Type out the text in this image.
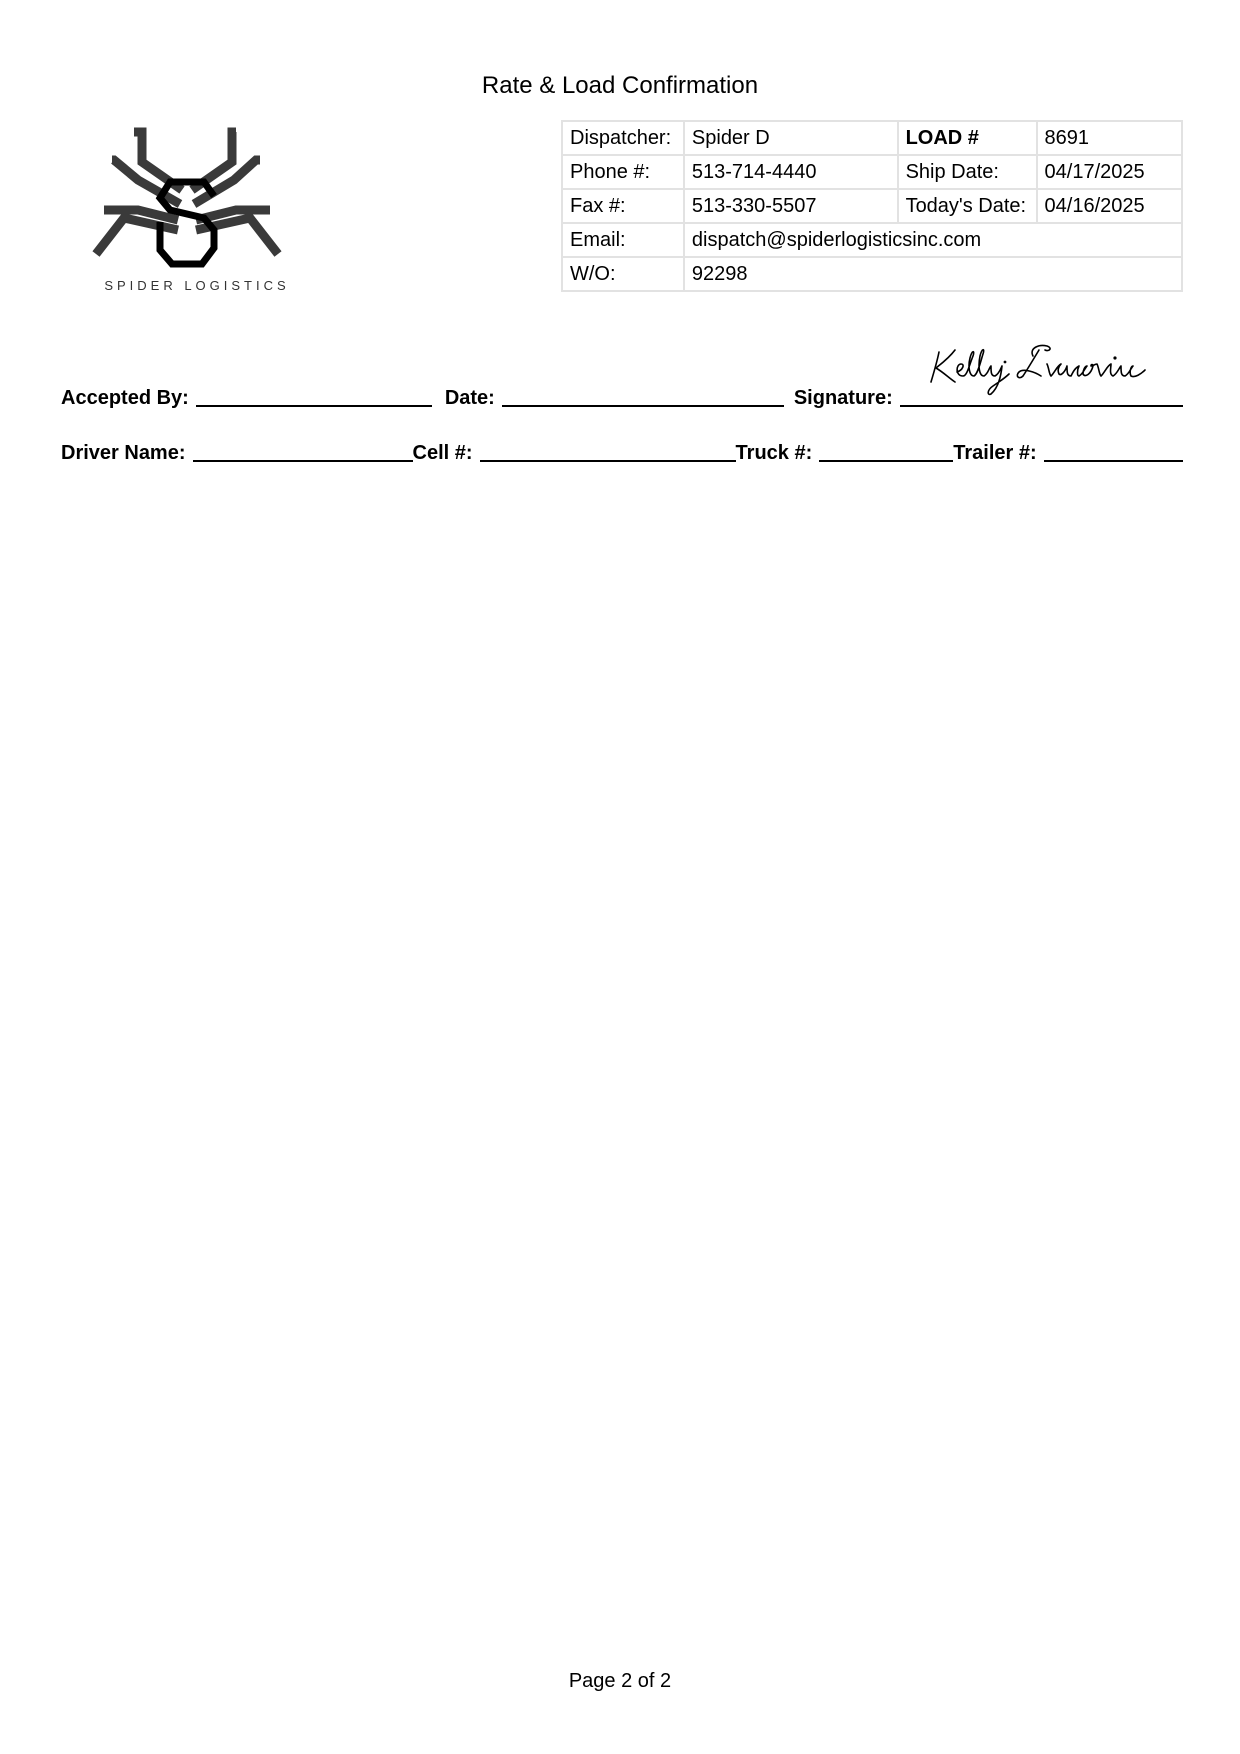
Rate & Load Confirmation
SPIDER LOGISTICS
Dispatcher:	Spider D	LOAD #	8691
Phone #:	513-714-4440	Ship Date:	04/17/2025
Fax #:	513-330-5507	Today's Date:	04/16/2025
Email:	dispatch@spiderlogisticsinc.com		
W/O:	92298		
Accepted By:	Date:	Signature:
Driver Name:	Cell #:	Truck #:	Trailer #:
Page 2 of 2
